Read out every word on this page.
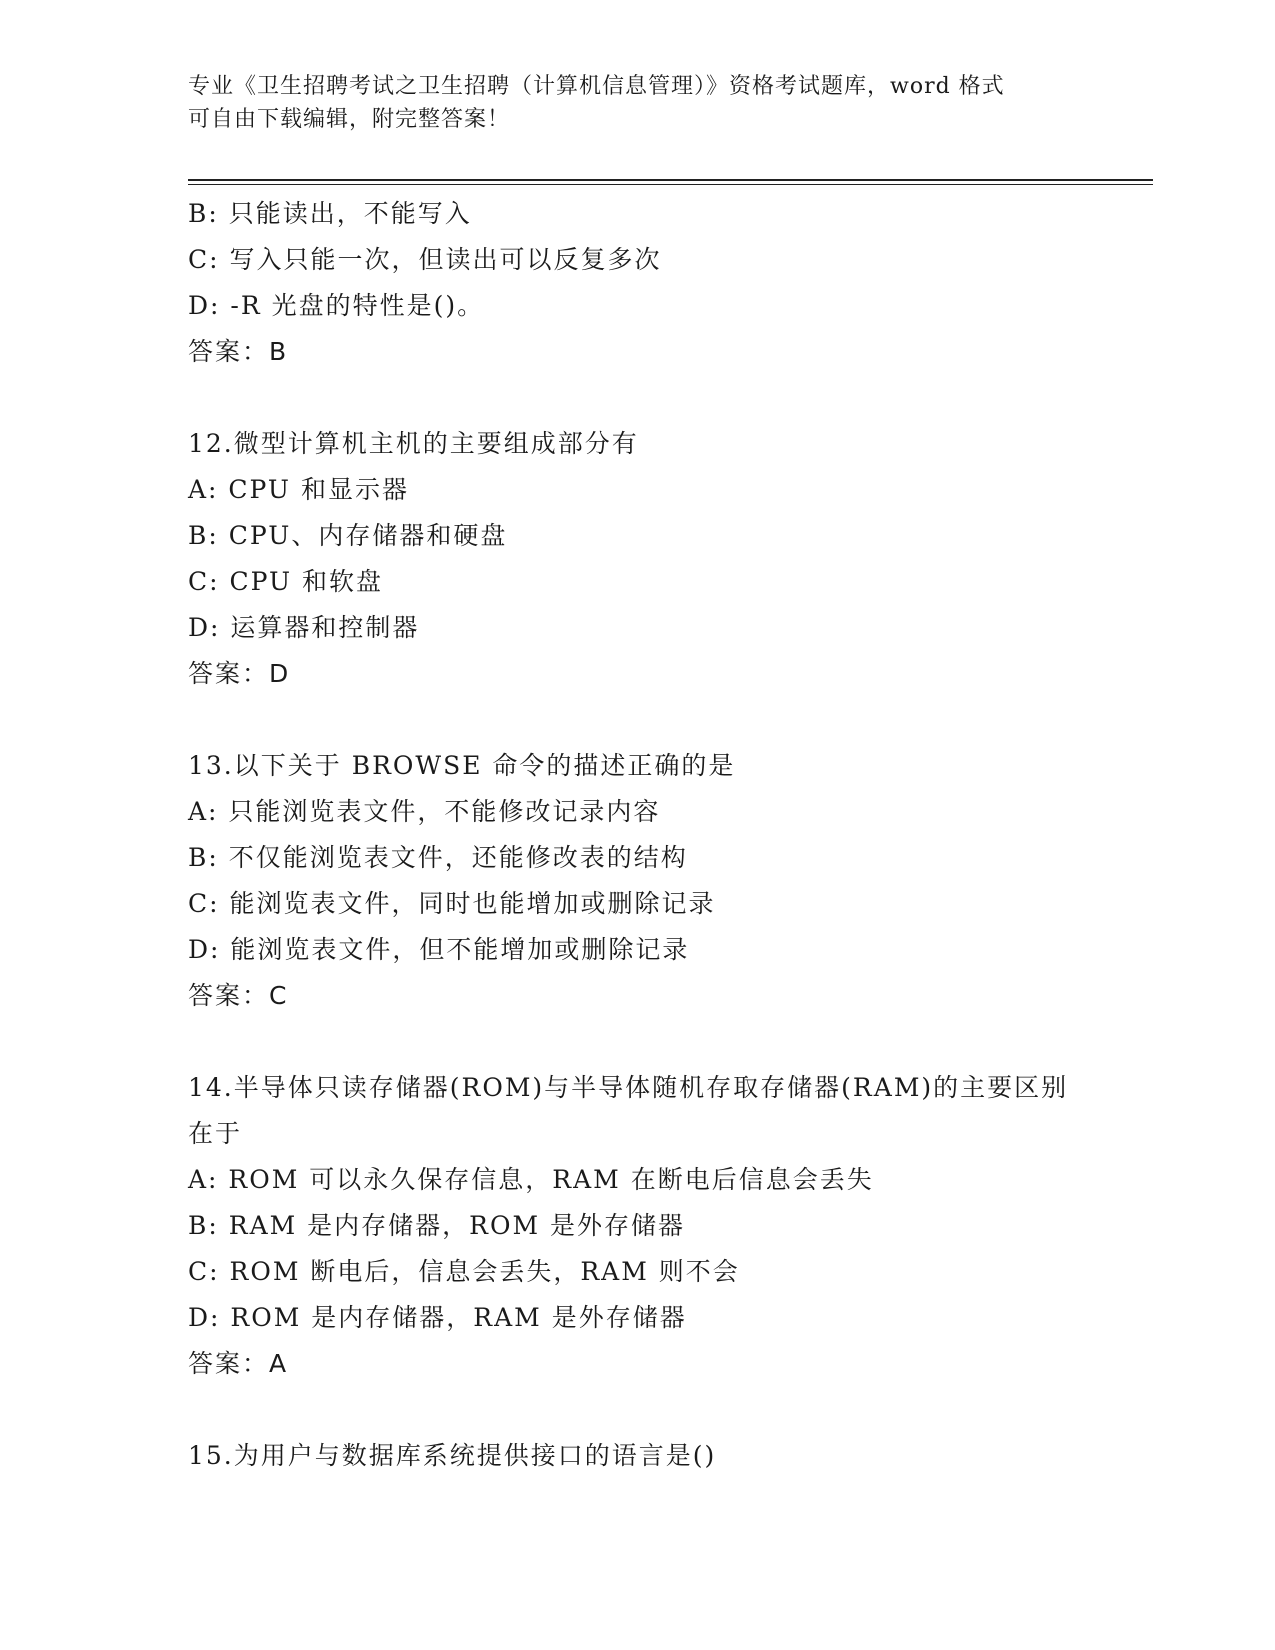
专业《卫生招聘考试之卫生招聘（计算机信息管理）》资格考试题库，word 格式
可自由下载编辑，附完整答案！
B: 只能读出，不能写入
C: 写入只能一次，但读出可以反复多次
D: -R 光盘的特性是()。
答案：B
12.微型计算机主机的主要组成部分有
A: CPU 和显示器
B: CPU、内存储器和硬盘
C: CPU 和软盘
D: 运算器和控制器
答案：D
13.以下关于 BROWSE 命令的描述正确的是
A: 只能浏览表文件，不能修改记录内容
B: 不仅能浏览表文件，还能修改表的结构
C: 能浏览表文件，同时也能增加或删除记录
D: 能浏览表文件，但不能增加或删除记录
答案：C
14.半导体只读存储器(ROM)与半导体随机存取存储器(RAM)的主要区别
在于
A: ROM 可以永久保存信息，RAM 在断电后信息会丢失
B: RAM 是内存储器，ROM 是外存储器
C: ROM 断电后，信息会丢失，RAM 则不会
D: ROM 是内存储器，RAM 是外存储器
答案：A
15.为用户与数据库系统提供接口的语言是()
